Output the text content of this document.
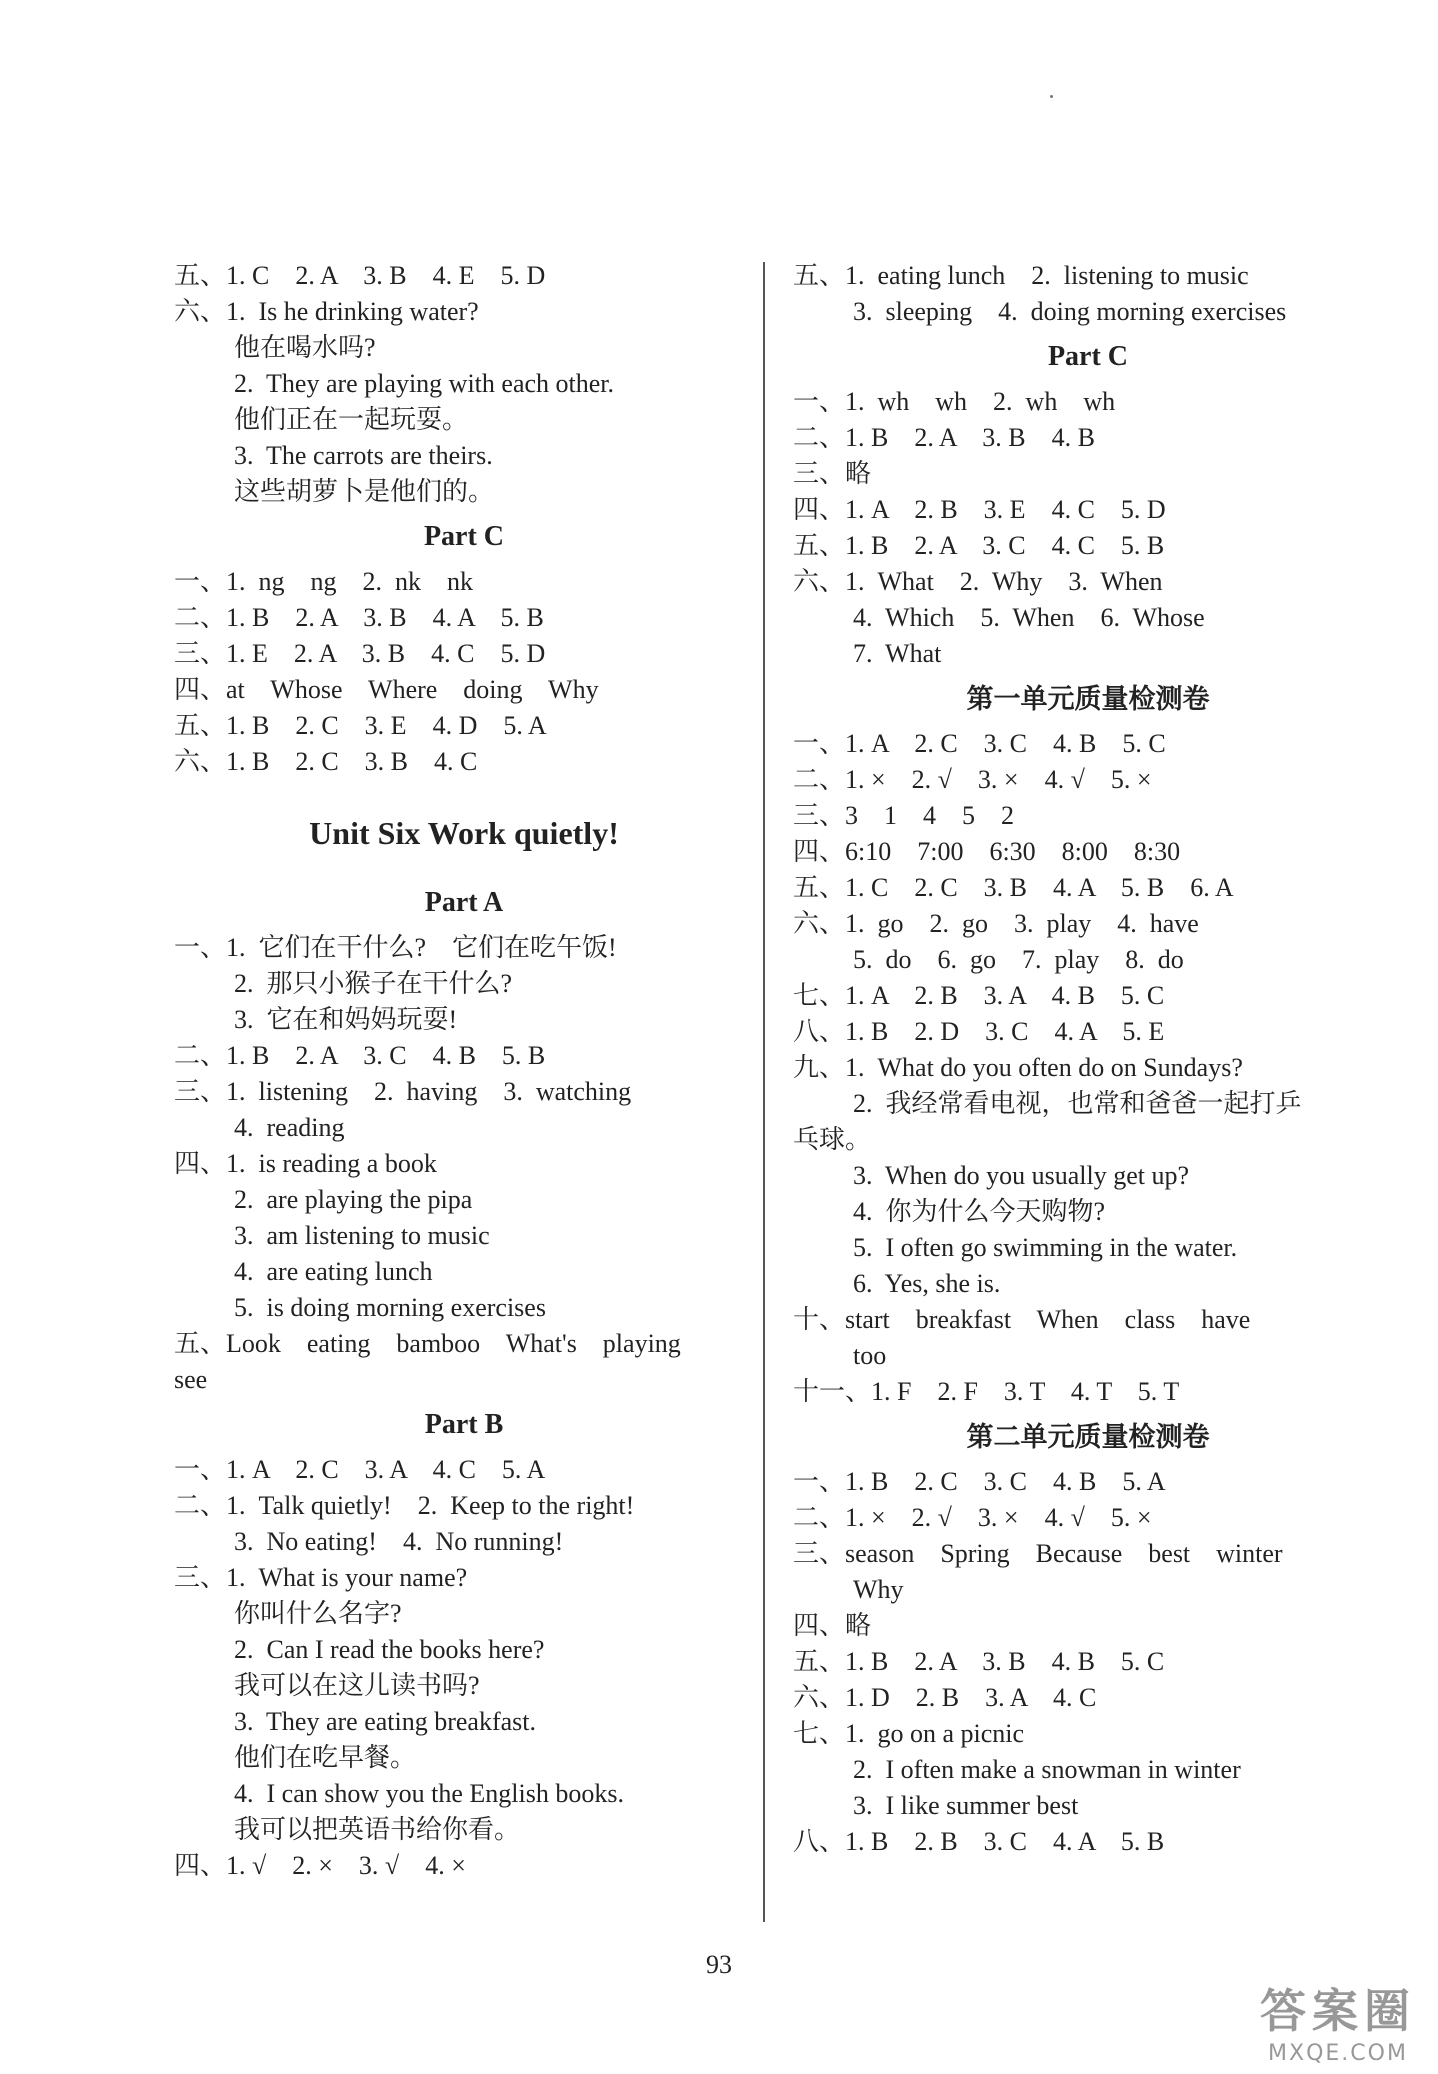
五、1. C    2. A    3. B    4. E    5. D
六、1.  Is he drinking water?
他在喝水吗?
2.  They are playing with each other.
他们正在一起玩耍。
3.  The carrots are theirs.
这些胡萝卜是他们的。
Part C
一、1.  ng    ng    2.  nk    nk
二、1. B    2. A    3. B    4. A    5. B
三、1. E    2. A    3. B    4. C    5. D
四、at    Whose    Where    doing    Why
五、1. B    2. C    3. E    4. D    5. A
六、1. B    2. C    3. B    4. C
Unit Six Work quietly!
Part A
一、1.  它们在干什么?    它们在吃午饭!
2.  那只小猴子在干什么?
3.  它在和妈妈玩耍!
二、1. B    2. A    3. C    4. B    5. B
三、1.  listening    2.  having    3.  watching
4.  reading
四、1.  is reading a book
2.  are playing the pipa
3.  am listening to music
4.  are eating lunch
5.  is doing morning exercises
五、Look    eating    bamboo    What's    playing
see
Part B
一、1. A    2. C    3. A    4. C    5. A
二、1.  Talk quietly!    2.  Keep to the right!
3.  No eating!    4.  No running!
三、1.  What is your name?
你叫什么名字?
2.  Can I read the books here?
我可以在这儿读书吗?
3.  They are eating breakfast.
他们在吃早餐。
4.  I can show you the English books.
我可以把英语书给你看。
四、1. √    2. ×    3. √    4. ×
五、1.  eating lunch    2.  listening to music
3.  sleeping    4.  doing morning exercises
Part C
一、1.  wh    wh    2.  wh    wh
二、1. B    2. A    3. B    4. B
三、略
四、1. A    2. B    3. E    4. C    5. D
五、1. B    2. A    3. C    4. C    5. B
六、1.  What    2.  Why    3.  When
4.  Which    5.  When    6.  Whose
7.  What
第一单元质量检测卷
一、1. A    2. C    3. C    4. B    5. C
二、1. ×    2. √    3. ×    4. √    5. ×
三、3    1    4    5    2
四、6:10    7:00    6:30    8:00    8:30
五、1. C    2. C    3. B    4. A    5. B    6. A
六、1.  go    2.  go    3.  play    4.  have
5.  do    6.  go    7.  play    8.  do
七、1. A    2. B    3. A    4. B    5. C
八、1. B    2. D    3. C    4. A    5. E
九、1.  What do you often do on Sundays?
2.  我经常看电视，也常和爸爸一起打乒
乓球。
3.  When do you usually get up?
4.  你为什么今天购物?
5.  I often go swimming in the water.
6.  Yes, she is.
十、start    breakfast    When    class    have
too
十一、1. F    2. F    3. T    4. T    5. T
第二单元质量检测卷
一、1. B    2. C    3. C    4. B    5. A
二、1. ×    2. √    3. ×    4. √    5. ×
三、season    Spring    Because    best    winter
Why
四、略
五、1. B    2. A    3. B    4. B    5. C
六、1. D    2. B    3. A    4. C
七、1.  go on a picnic
2.  I often make a snowman in winter
3.  I like summer best
八、1. B    2. B    3. C    4. A    5. B
93
答案圈
MXQE.COM
